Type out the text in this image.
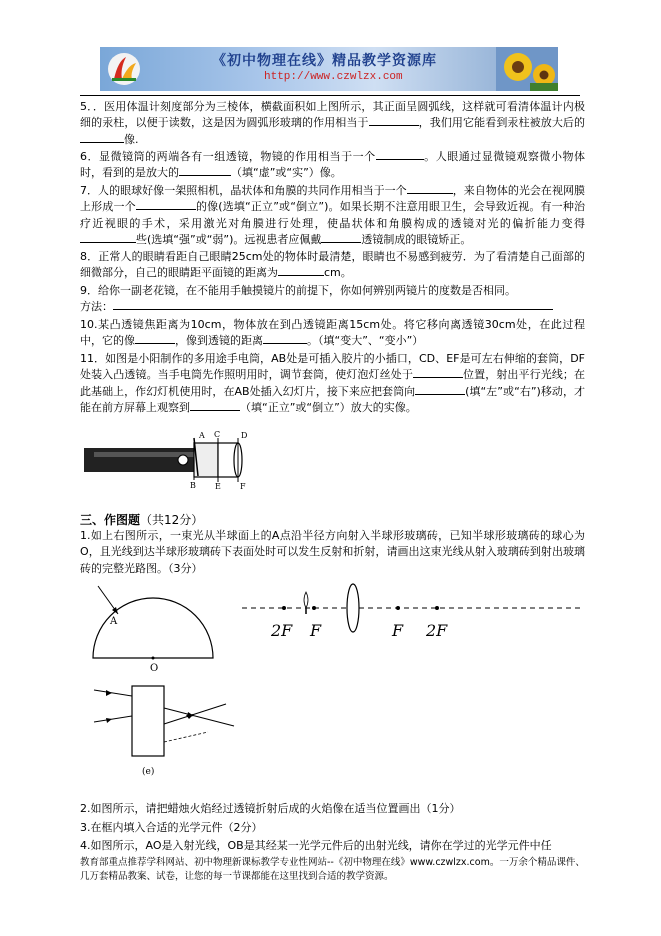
《初中物理在线》精品教学资源库
http://www.czwlzx.com

5．．医用体温计刻度部分为三棱体，横截面积如上图所示，其正面呈圆弧线，这样就可看清体温计内极细的汞柱，以便于读数，这是因为圆弧形玻璃的作用相当于	，我们用它能看到汞柱被放大后的像.

6．显微镜筒的两端各有一组透镜，物镜的作用相当于一个	。人眼通过显微镜观察微小物体时，看到的是放大的	（填“虚”或“实”）像。

7．人的眼球好像一架照相机，晶状体和角膜的共同作用相当于一个	，来自物体的光会在视网膜上形成一个	的像(选填“正立”或“倒立”)。如果长期不注意用眼卫生，会导致近视。有一种治疗近视眼的手术，采用激光对角膜进行处理，使晶状体和角膜构成的透镜对光的偏折能力变得些(选填“强”或“弱”)。远视患者应佩戴	透镜制成的眼镜矫正。

8．正常人的眼睛看距自己眼睛25cm处的物体时最清楚，眼睛也不易感到疲劳．为了看清楚自己面部的细微部分，自己的眼睛距平面镜的距离为	cm。

9．给你一副老花镜，在不能用手触摸镜片的前提下，你如何辨别两镜片的度数是否相同。

方法：

10.某凸透镜焦距离为10cm，物体放在到凸透镜距离15cm处。将它移向离透镜30cm处，在此过程中，它的像	，像到透镜的距离	。（填“变大”、“变小”）

11．如图是小阳制作的多用途手电筒，AB处是可插入胶片的小插口，CD、EF是可左右伸缩的套筒，DF处装入凸透镜。当手电筒先作照明用时，调节套筒，使灯泡灯丝处于	位置，射出平行光线；在此基础上，作幻灯机使用时，在AB处插入幻灯片，接下来应把套筒向	(填“左”或“右”)移动，才能在前方屏幕上观察到	（填“正立”或“倒立”）放大的实像。

A C	D
B E F
三、作图题（共12分）

1.如上右图所示，一束光从半球面上的A点沿半径方向射入半球形玻璃砖，已知半球形玻璃砖的球心为O，且光线到达半球形玻璃砖下表面处时可以发生反射和折射，请画出这束光线从射入玻璃砖到射出玻璃砖的完整光路图。（3分）

A
O
2F F	F 2F
(e)

2.如图所示，请把蜡烛火焰经过透镜折射后成的火焰像在适当位置画出（1分）

3.在框内填入合适的光学元件（2分）

4.如图所示，AO是入射光线，OB是其经某一光学元件后的出射光线，请你在学过的光学元件中任

教育部重点推荐学科网站、初中物理新课标教学专业性网站--《初中物理在线》www.czwlzx.com。一万余个精品课件、几万套精品教案、试卷，让您的每一节课都能在这里找到合适的教学资源。
